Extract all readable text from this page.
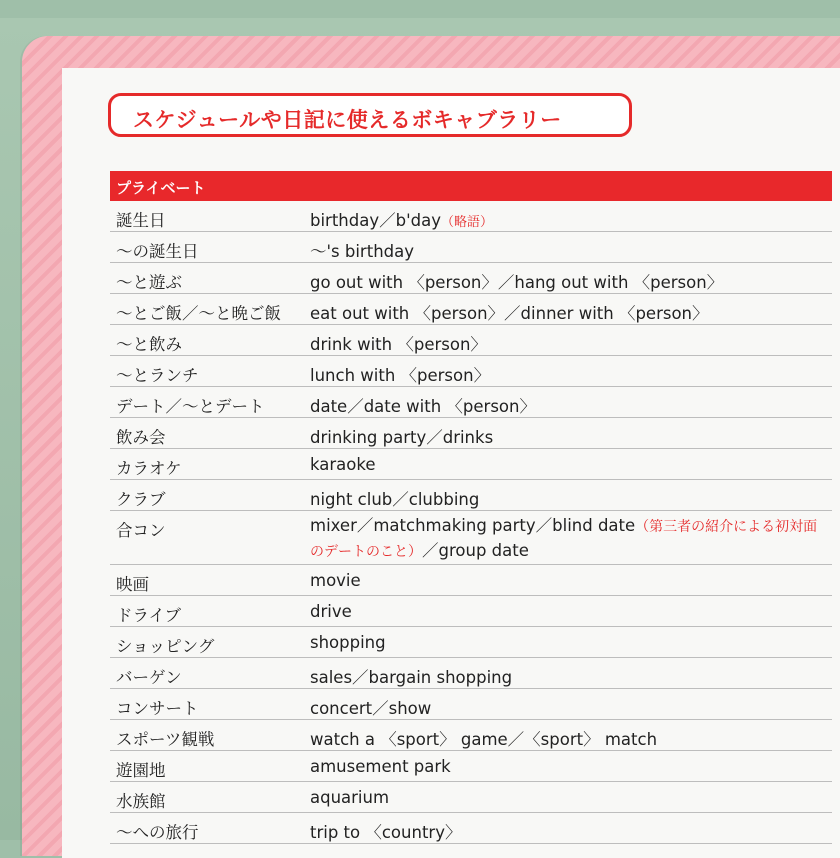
スケジュールや日記に使えるボキャブラリー
プライベート
誕生日	birthday／b'day（略語）
～の誕生日	～'s birthday
～と遊ぶ	go out with 〈person〉／hang out with 〈person〉
～とご飯／～と晩ご飯 eat out with 〈person〉／dinner with 〈person〉
～と飲み	drink with 〈person〉
～とランチ	lunch with 〈person〉
デート／～とデート	date／date with 〈person〉
飲み会	drinking party／drinks
カラオケ	karaoke
クラブ	night club／clubbing
合コン	mixer／matchmaking party／blind date（第三者の紹介による初対面のデートのこと）／group date
映画	movie
ドライブ	drive
ショッピング	shopping
バーゲン	sales／bargain shopping
コンサート	concert／show
スポーツ観戦	watch a 〈sport〉 game／〈sport〉 match
遊園地	amusement park
水族館	aquarium
～への旅行	trip to 〈country〉
